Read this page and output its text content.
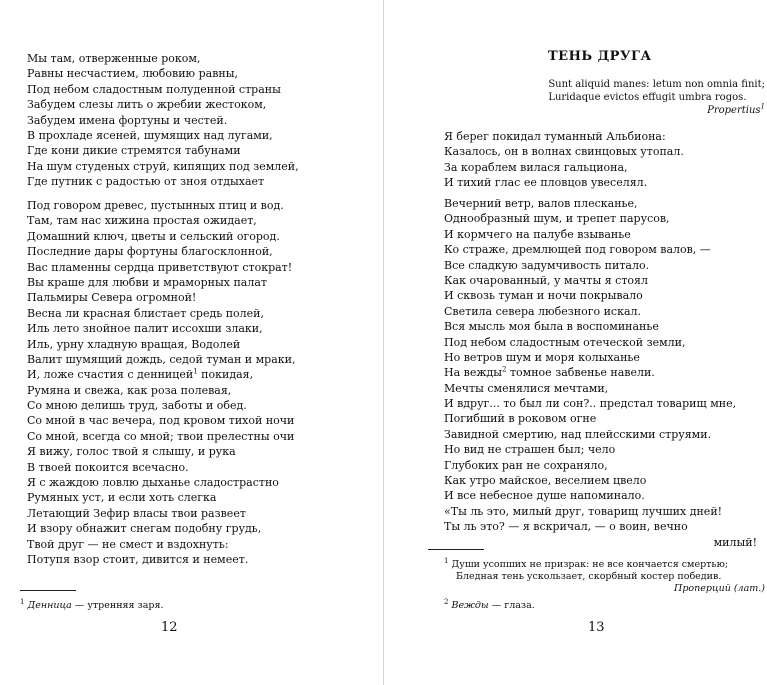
Мы там, отверженные роком,
Равны несчастием, любовию равны,
Под небом сладостным полуденной страны
Забудем слезы лить о жребии жестоком,
Забудем имена фортуны и честей.
В прохладе ясеней, шумящих над лугами,
Где кони дикие стремятся табунами
На шум студеных струй, кипящих под землей,
Где путник с радостью от зноя отдыхает
Под говором древес, пустынных птиц и вод.
Там, там нас хижина простая ожидает,
Домашний ключ, цветы и сельский огород.
Последние дары фортуны благосклонной,
Вас пламенны сердца приветствуют стократ!
Вы краше для любви и мраморных палат
Пальмиры Севера огромной!
Весна ли красная блистает средь полей,
Иль лето знойное палит иссохши злаки,
Иль, урну хладную вращая, Водолей
Валит шумящий дождь, седой туман и мраки,
И, ложе счастия с денницей$^1$ покидая,
Румяна и свежа, как роза полевая,
Со мною делишь труд, заботы и обед.
Со мной в час вечера, под кровом тихой ночи
Со мной, всегда со мной; твои прелестны очи
Я вижу, голос твой я слышу, и рука
В твоей покоится всечасно.
Я с жаждою ловлю дыханье сладострастно
Румяных уст, и если хоть слегка
Летающий Зефир власы твои развеет
И взору обнажит снегам подобну грудь,
Твой друг — не смест и вздохнуть:
Потупя взор стоит, дивится и немеет.
$^1$ Денница — утренняя заря.
12
ТЕНЬ ДРУГА
Sunt aliquid manes: letum non omnia finit;
Luridaque evictos effugit umbra rogos.
Propertius$^1$
Я берег покидал туманный Альбиона:
Казалось, он в волнах свинцовых утопал.
За кораблем вилася гальциона,
И тихий глас ее пловцов увеселял.
Вечерний ветр, валов плесканье,
Однообразный шум, и трепет парусов,
И кормчего на палубе взыванье
Ко страже, дремлющей под говором валов, —
Все сладкую задумчивость питало.
Как очарованный, у мачты я стоял
И сквозь туман и ночи покрывало
Светила севера любезного искал.
Вся мысль моя была в воспоминанье
Под небом сладостным отеческой земли,
Но ветров шум и моря колыханье
На вежды$^2$ томное забвенье навели.
Мечты сменялися мечтами,
И вдруг... то был ли сон?.. предстал товарищ мне,
Погибший в роковом огне
Завидной смертию, над плейсскими струями.
Но вид не страшен был; чело
Глубоких ран не сохраняло,
Как утро майское, веселием цвело
И все небесное душе напоминало.
«Ты ль это, милый друг, товарищ лучших дней!
Ты ль это? — я вскричал, — о воин, вечно
милый!
$^1$ Души усопших не призрак: не все кончается смертью;
Бледная тень ускользает, скорбный костер победив.
Проперций (лат.)
$^2$ Вежды — глаза.
13
